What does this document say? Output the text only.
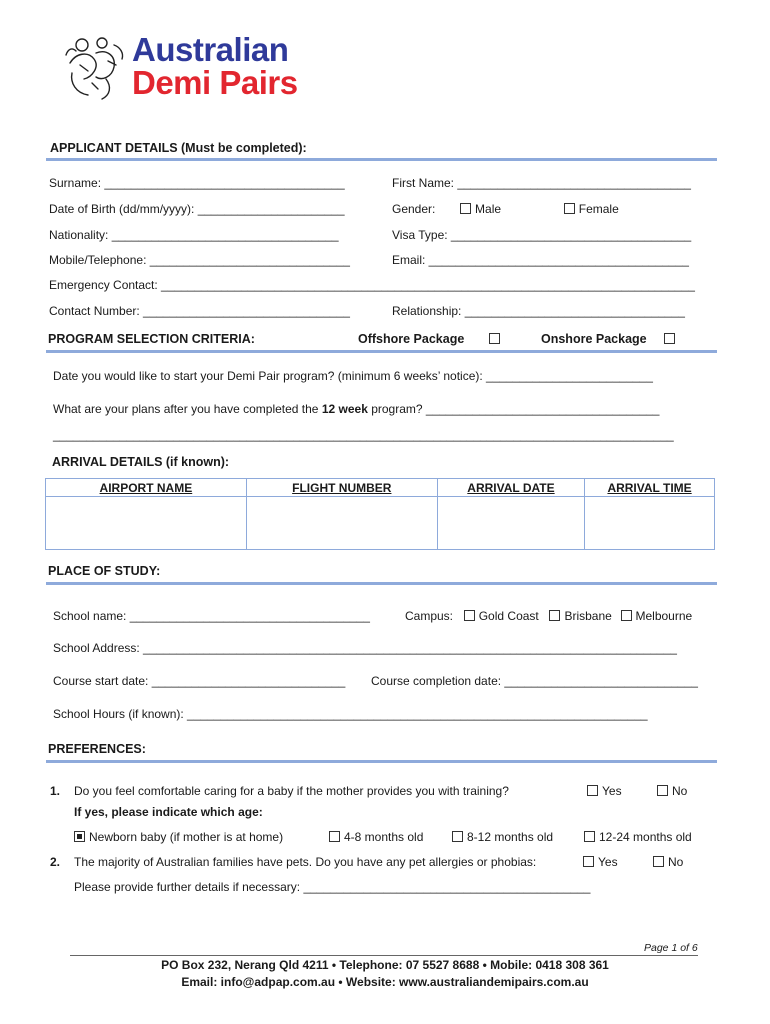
Australian
Demi Pairs
APPLICANT DETAILS (Must be completed):
Surname: ____________________________________	First Name: ___________________________________
Date of Birth (dd/mm/yyyy): ______________________	Gender:	Male	Female
Nationality: __________________________________	Visa Type: ____________________________________
Mobile/Telephone: ______________________________	Email: _______________________________________
Emergency Contact: ________________________________________________________________________________
Contact Number: _______________________________	Relationship: _________________________________
PROGRAM SELECTION CRITERIA:	Offshore Package	Onshore Package
Date you would like to start your Demi Pair program? (minimum 6 weeks’ notice): _________________________
What are your plans after you have completed the 12 week program? ___________________________________
_____________________________________________________________________________________________
ARRIVAL DETAILS (if known):
AIRPORT NAME	FLIGHT NUMBER	ARRIVAL DATE	ARRIVAL TIME

PLACE OF STUDY:
School name: ____________________________________	Campus: Gold Coast Brisbane Melbourne
School Address: ________________________________________________________________________________
Course start date: _____________________________ Course completion date: _____________________________
School Hours (if known): _____________________________________________________________________
PREFERENCES:
1. Do you feel comfortable caring for a baby if the mother provides you with training?	Yes	No
If yes, please indicate which age:
Newborn baby (if mother is at home)	4-8 months old	8-12 months old	12-24 months old
2. The majority of Australian families have pets. Do you have any pet allergies or phobias:	Yes	No
Please provide further details if necessary: ___________________________________________
Page 1 of 6
PO Box 232, Nerang Qld 4211 • Telephone: 07 5527 8688 • Mobile: 0418 308 361
Email: info@adpap.com.au • Website: www.australiandemipairs.com.au
